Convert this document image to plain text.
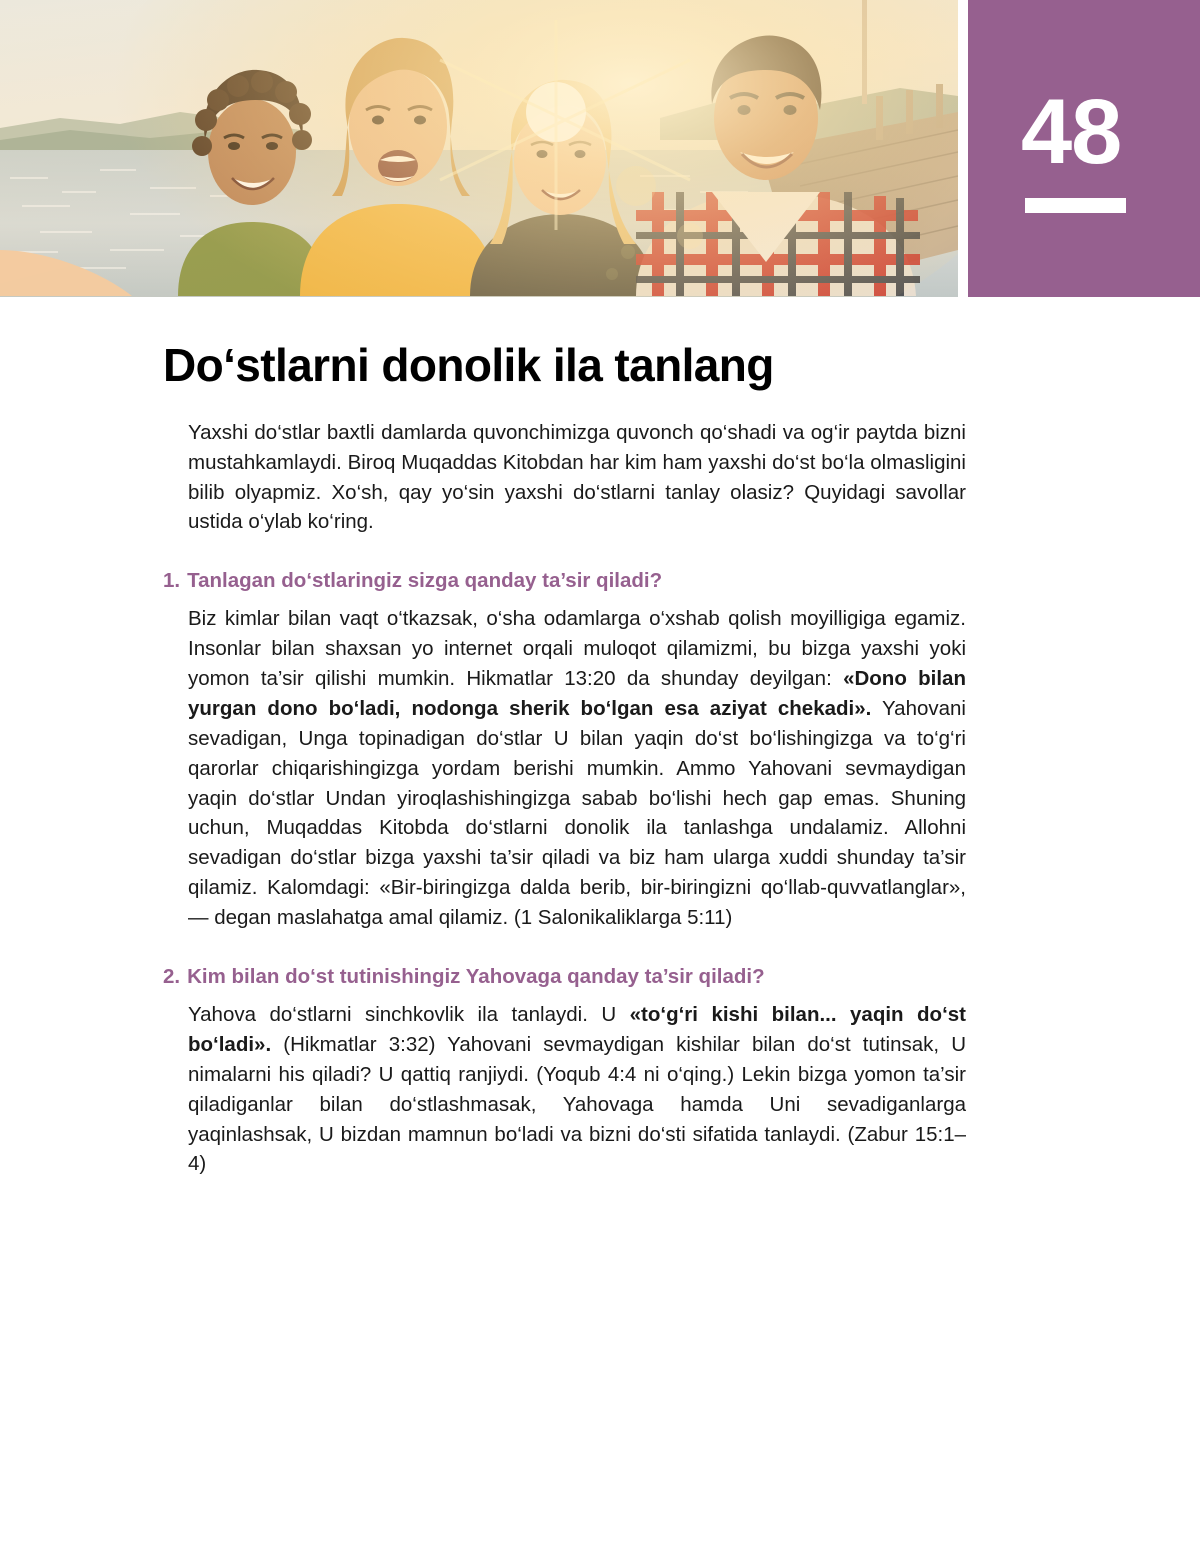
48
Do‘stlarni donolik ila tanlang

Yaxshi do‘stlar baxtli damlarda quvonchimizga quvonch qo‘shadi va og‘ir paytda bizni mustahkamlaydi. Biroq Muqaddas Kitobdan har kim ham yaxshi do‘st bo‘la olmasligini bilib olyapmiz. Xo‘sh, qay yo‘sin yaxshi do‘stlarni tanlay olasiz? Quyidagi savollar ustida o‘ylab ko‘ring.

1. Tanlagan do‘stlaringiz sizga qanday ta’sir qiladi?

Biz kimlar bilan vaqt o‘tkazsak, o‘sha odamlarga o‘xshab qolish moyilligiga egamiz. Insonlar bilan shaxsan yo internet orqali muloqot qilamizmi, bu bizga yaxshi yoki yomon ta’sir qilishi mumkin. Hikmatlar 13:20 da shunday deyilgan: «Dono bilan yurgan dono bo‘ladi, nodonga sherik bo‘lgan esa aziyat chekadi». Yahovani sevadigan, Unga topinadigan do‘stlar U bilan yaqin do‘st bo‘lishingizga va to‘g‘ri qarorlar chiqarishingizga yordam berishi mumkin. Ammo Yahovani sevmaydigan yaqin do‘stlar Undan yiroqlashishingizga sabab bo‘lishi hech gap emas. Shuning uchun, Muqaddas Kitobda do‘stlarni donolik ila tanlashga undalamiz. Allohni sevadigan do‘stlar bizga yaxshi ta’sir qiladi va biz ham ularga xuddi shunday ta’sir qilamiz. Kalomdagi: «Bir-biringizga dalda berib, bir-biringizni qo‘llab-quvvatlanglar», — degan maslahatga amal qilamiz. (1 Salonikaliklarga 5:11)

2. Kim bilan do‘st tutinishingiz Yahovaga qanday ta’sir qiladi?

Yahova do‘stlarni sinchkovlik ila tanlaydi. U «to‘g‘ri kishi bilan... yaqin do‘st bo‘ladi». (Hikmatlar 3:32) Yahovani sevmaydigan kishilar bilan do‘st tutinsak, U nimalarni his qiladi? U qattiq ranjiydi. (Yoqub 4:4 ni o‘qing.) Lekin bizga yomon ta’sir qiladiganlar bilan do‘stlashmasak, Yahovaga hamda Uni sevadiganlarga yaqinlashsak, U bizdan mamnun bo‘ladi va bizni do‘sti sifatida tanlaydi. (Zabur 15:1–4)
